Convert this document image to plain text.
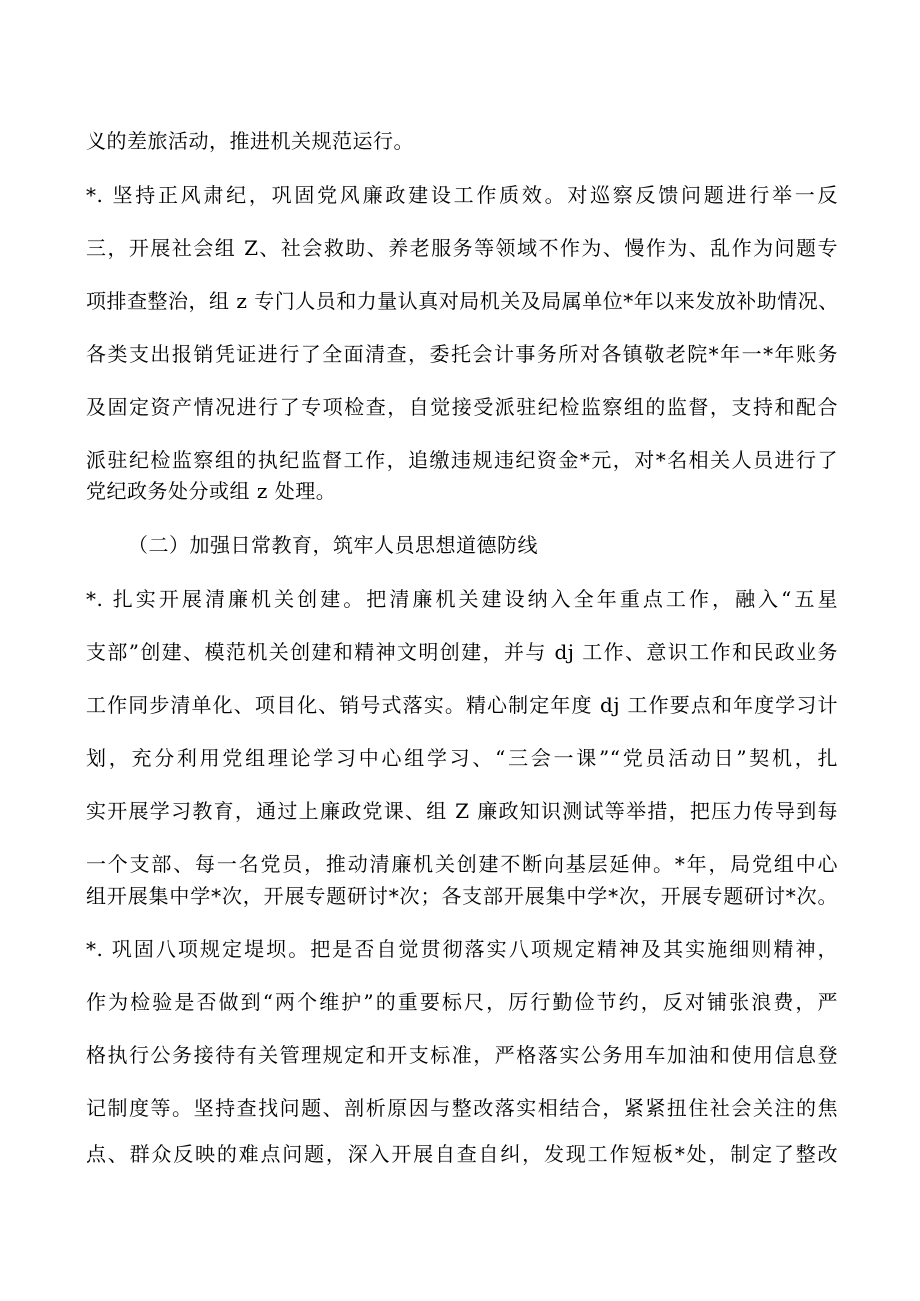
义的差旅活动，推进机关规范运行。
*. 坚持正风肃纪，巩固党风廉政建设工作质效。对巡察反馈问题进行举一反
三，开展社会组 Z、社会救助、养老服务等领域不作为、慢作为、乱作为问题专
项排查整治，组 z 专门人员和力量认真对局机关及局属单位*年以来发放补助情况、
各类支出报销凭证进行了全面清查，委托会计事务所对各镇敬老院*年一*年账务
及固定资产情况进行了专项检查，自觉接受派驻纪检监察组的监督，支持和配合
派驻纪检监察组的执纪监督工作，追缴违规违纪资金*元，对*名相关人员进行了
党纪政务处分或组 z 处理。
（二）加强日常教育，筑牢人员思想道德防线
*. 扎实开展清廉机关创建。把清廉机关建设纳入全年重点工作，融入“五星
支部”创建、模范机关创建和精神文明创建，并与 dj 工作、意识工作和民政业务
工作同步清单化、项目化、销号式落实。精心制定年度 dj 工作要点和年度学习计
划，充分利用党组理论学习中心组学习、“三会一课”“党员活动日”契机，扎
实开展学习教育，通过上廉政党课、组 Z 廉政知识测试等举措，把压力传导到每
一个支部、每一名党员，推动清廉机关创建不断向基层延伸。*年，局党组中心
组开展集中学*次，开展专题研讨*次；各支部开展集中学*次，开展专题研讨*次。
*. 巩固八项规定堤坝。把是否自觉贯彻落实八项规定精神及其实施细则精神，
作为检验是否做到“两个维护”的重要标尺，厉行勤俭节约，反对铺张浪费，严
格执行公务接待有关管理规定和开支标准，严格落实公务用车加油和使用信息登
记制度等。坚持查找问题、剖析原因与整改落实相结合，紧紧扭住社会关注的焦
点、群众反映的难点问题，深入开展自查自纠，发现工作短板*处，制定了整改
